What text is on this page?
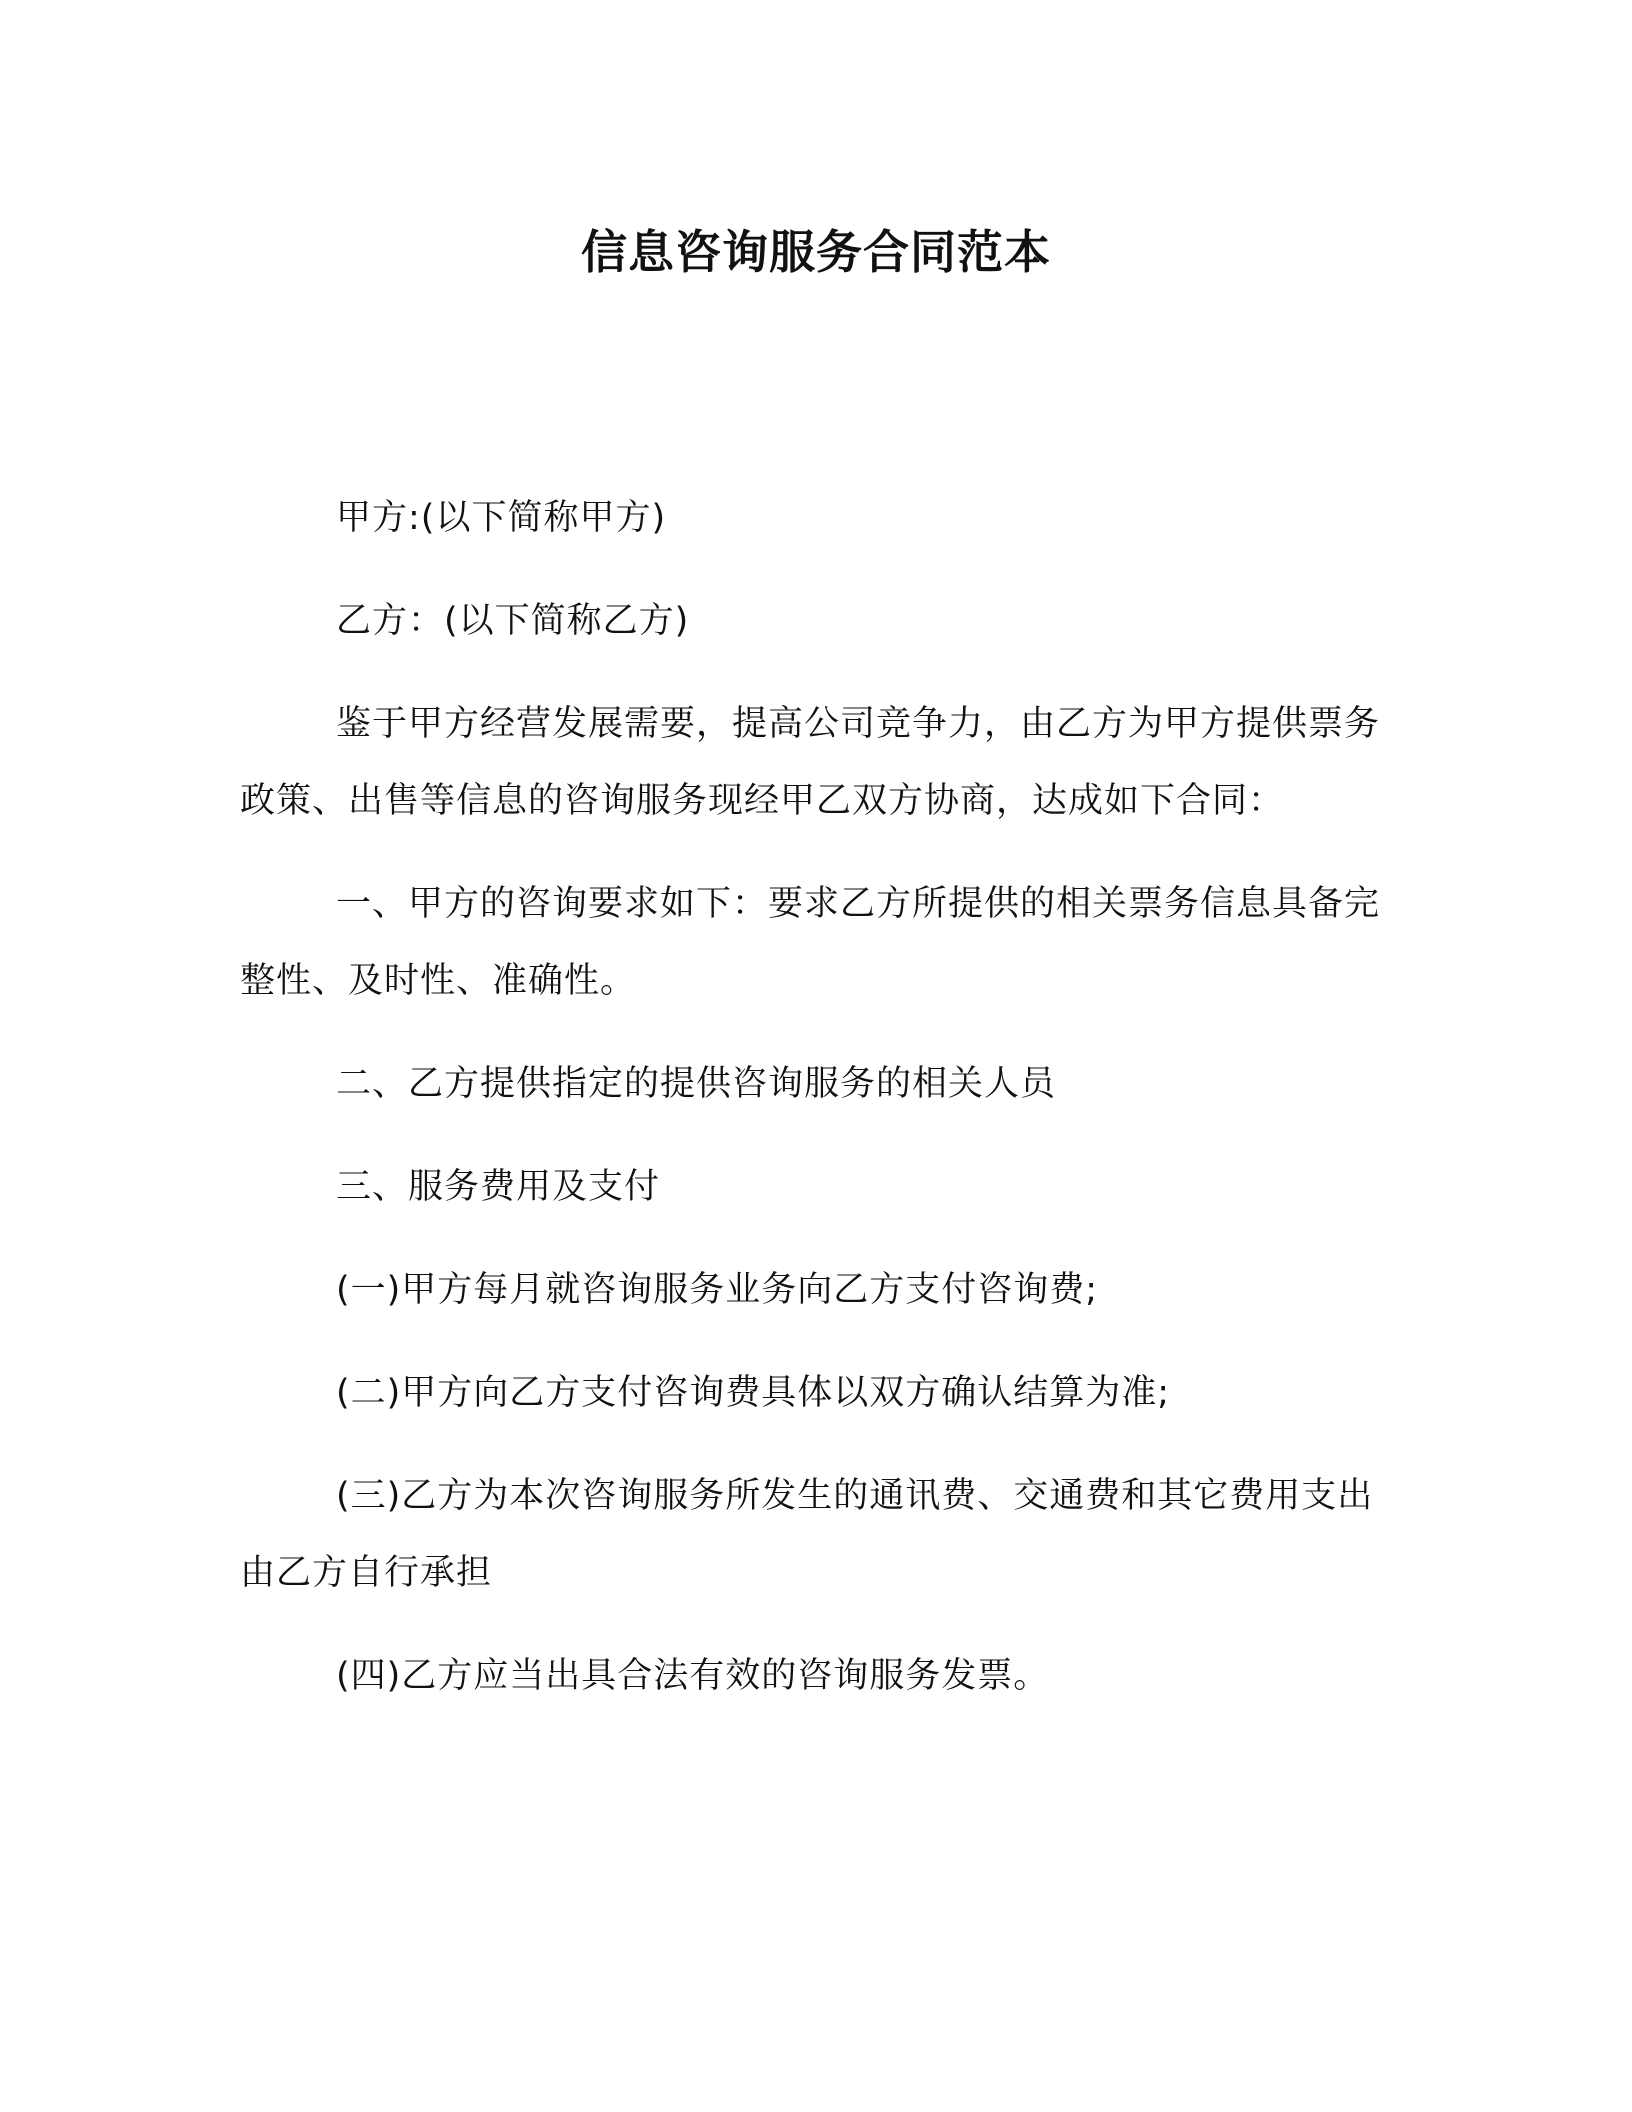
信息咨询服务合同范本

甲方:(以下简称甲方)

乙方：(以下简称乙方)

鉴于甲方经营发展需要，提高公司竞争力，由乙方为甲方提供票务政策、出售等信息的咨询服务现经甲乙双方协商，达成如下合同：

一、甲方的咨询要求如下：要求乙方所提供的相关票务信息具备完整性、及时性、准确性。

二、乙方提供指定的提供咨询服务的相关人员

三、服务费用及支付

(一)甲方每月就咨询服务业务向乙方支付咨询费;

(二)甲方向乙方支付咨询费具体以双方确认结算为准;

(三)乙方为本次咨询服务所发生的通讯费、交通费和其它费用支出由乙方自行承担

(四)乙方应当出具合法有效的咨询服务发票。
